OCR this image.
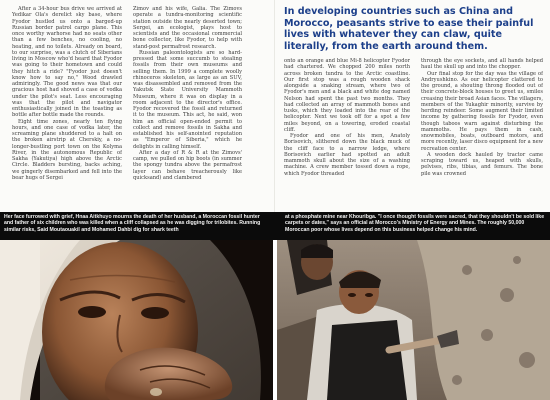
After a 34-hour bus drive we arrived at Yedikar Ola's derelict sky base, where Fyodor hustled us onto a barged-up Russian border patrol cargo plane. This once worthy warhorse had no seats other than a few benches, no cooling, no heating, and no toilets. Already on board, to our surprise, was a clutch of Siberians living in Moscow who'd heard that Fyodor was going to their hometown and could they hitch a ride? "Fyodor just doesn't know how to say no," Wood drawled admiringly. The good news was that our gracious host had shoved a case of vodka under the pilot's seat. Less encouraging was that the pilot and navigator enthusiastically joined in the toasting as bottle after bottle made the rounds.

Eight time zones, nearly ten flying hours, and one case of vodka later, the screaming plane shuddered to a halt on the broken airstrip at Cherskiy, a no-longer-bustling port town on the Kolyma River, in the autonomous Republic of Sakha (Yakutiya) high above the Arctic Circle. Bladders bursting, backs aching, we gingerly disembarked and fell into the bear hugs of Sergei

Zimov and his wife, Galia. The Zimovs operate a tundra-monitoring scientific station outside the nearly deserted town; Sergei, an ecologist, plays host to scientists and the occasional commercial bone collector, like Fyodor, to help with stand-post permafrost research.

Russian paleontologists are so hard-pressed that some succumb to stealing fossils from their own museums and selling them. In 1999 a complete woolly rhinoceros skeleton, as large as an SUV, was disassembled and removed from the Yakutsk State University Mammoth Museum, where it was on display in a room adjacent to the director's office. Fyodor recovered the fossil and returned it to the museum. This act, he said, won him an official open-ended permit to collect and remove fossils in Sakha and established his self-anointed reputation as "Emperor of Siberia," which he delights in calling himself.

After a day of R & R at the Zimovs' camp, we pulled on hip boots (in summer the spongy tundra above the permafrost layer can behave treacherously like quicksand) and clambered

In developing countries such as China and Morocco, peasants strive to ease their painful lives with whatever they can claw, quite literally, from the earth around them.

onto an orange and blue Mi-8 helicopter Fyodor had chartered. We chopped 200 miles north across broken tundra to the Arctic coastline. Our first stop was a rough wooden shack alongside a snaking stream, where two of Fyodor's men and a black and white dog named Nelson had spent the past two months. They had collected an array of mammoth bones and tusks, which they loaded into the rear of the helicopter. Next we took off for a spot a few miles beyond, on a towering, eroded coastal cliff.

Fyodor and one of his men, Anatoly Borisovich, slithered down the black muck of the cliff face to a narrow ledge, where Borisovich earlier had spotted an adult mammoth skull about the size of a washing machine. A crew member tossed down a rope, which Fyodor threaded

through the eye sockets, and all hands helped haul the skull up and into the chopper.

Our final stop for the day was the village of Andryushkino. As our helicopter clattered to the ground, a shouting throng flooded out of their concrete-block houses to greet us, smiles creasing their broad Asian faces. The villagers, members of the Yukaghir minority, survive by herding reindeer. Some augment their limited income by gathering fossils for Fyodor, even though taboos warn against disturbing the mammoths. He pays them in cash, snowmobiles, boats, outboard motors, and more recently, laser disco equipment for a new recreation center.

A wooden dock hauled by tractor came scraping toward us, heaped with skulls, pelvises, ribs, tibias, and femurs. The bone pile was crowned

Her face furrowed with grief, Hnaa Aitkhuyo mourns the death of her husband, a Moroccan fossil hunter and father of six children who was killed when a cliff collapsed as he was digging for trilobites. Running similar risks, Said Moutaouakil and Mohamed Dahbi dig for shark teeth

at a phosphate mine near Khouribga. "I once thought fossils were sacred, that they shouldn't be sold like carpets or dates," says an official at Morocco's Ministry of Energy and Mines. The roughly 50,000 Moroccan poor whose lives depend on this business helped change his mind.
